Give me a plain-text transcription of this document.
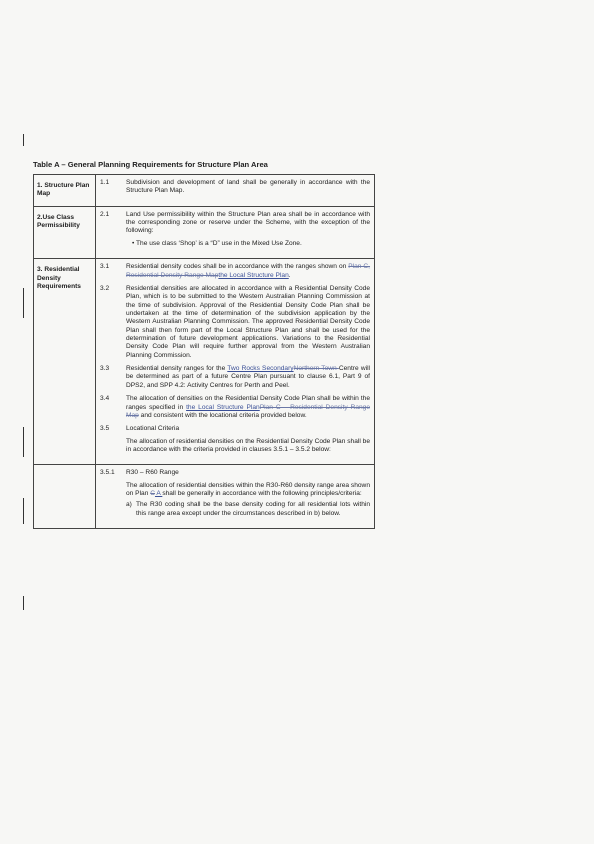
Table A – General Planning Requirements for Structure Plan Area
1. Structure Plan Map
1.1	Subdivision and development of land shall be generally in accordance with the Structure Plan Map.
2.Use Class Permissibility
2.1	Land Use permissibility within the Structure Plan area shall be in accordance with the corresponding zone or reserve under the Scheme, with the exception of the following:
• The use class ‘Shop’ is a “D” use in the Mixed Use Zone.
3. Residential Density Requirements
3.1	Residential density codes shall be in accordance with the ranges shown on Plan C, Residential Density Range Mapthe Local Structure Plan.
3.2	Residential densities are allocated in accordance with a Residential Density Code Plan, which is to be submitted to the Western Australian Planning Commission at the time of subdivision. Approval of the Residential Density Code Plan shall be undertaken at the time of determination of the subdivision application by the Western Australian Planning Commission. The approved Residential Density Code Plan shall then form part of the Local Structure Plan and shall be used for the determination of future development applications. Variations to the Residential Density Code Plan will require further approval from the Western Australian Planning Commission.
3.3	Residential density ranges for the Two Rocks SecondaryNorthern Town Centre will be determined as part of a future Centre Plan pursuant to clause 6.1, Part 9 of DPS2, and SPP 4.2: Activity Centres for Perth and Peel.
3.4	The allocation of densities on the Residential Density Code Plan shall be within the ranges specified in the Local Structure PlanPlan C – Residential Density Range Map and consistent with the locational criteria provided below.
3.5	Locational Criteria
The allocation of residential densities on the Residential Density Code Plan shall be in accordance with the criteria provided in clauses 3.5.1 – 3.5.2 below:
3.5.1	R30 – R60 Range
The allocation of residential densities within the R30-R60 density range area shown on Plan C A shall be generally in accordance with the following principles/criteria:
a) The R30 coding shall be the base density coding for all residential lots within this range area except under the circumstances described in b) below.
